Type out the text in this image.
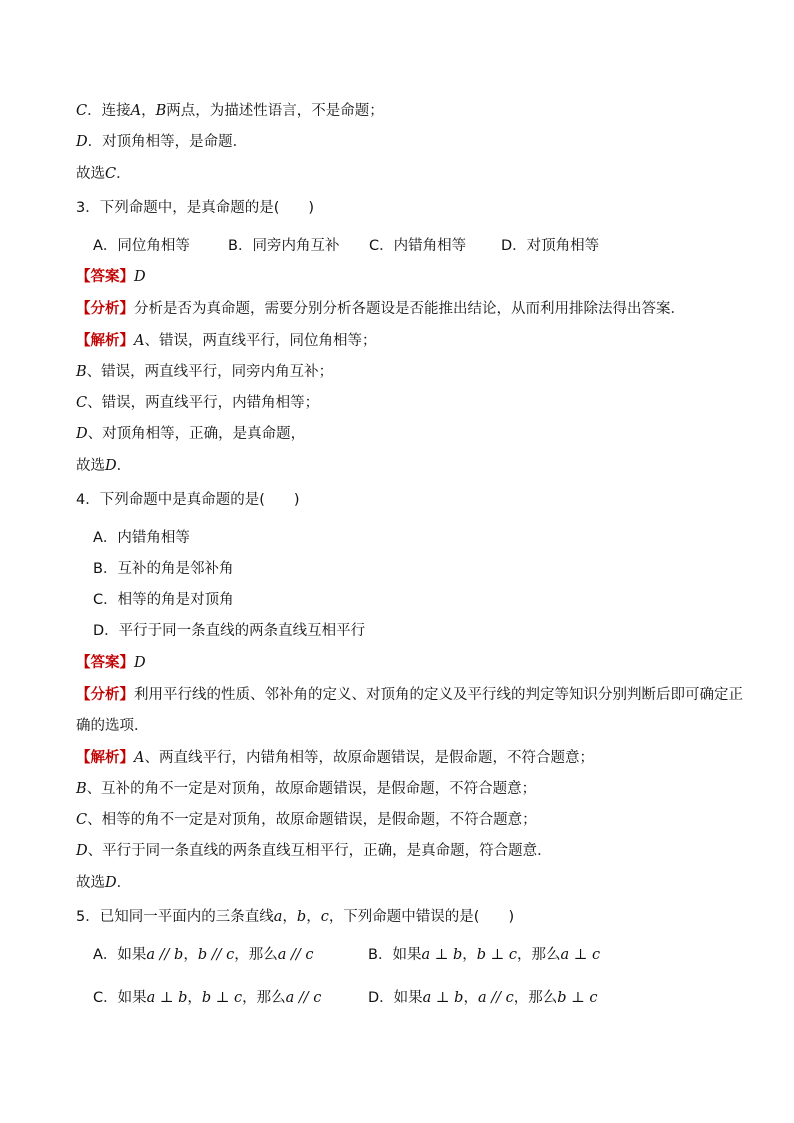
C．连接A，B两点，为描述性语言，不是命题；
D．对顶角相等，是命题．
故选C．
3．下列命题中，是真命题的是(　　)
A．同位角相等	B．同旁内角互补 C．内错角相等 D．对顶角相等
【答案】D
【分析】分析是否为真命题，需要分别分析各题设是否能推出结论，从而利用排除法得出答案．
【解析】A、错误，两直线平行，同位角相等；
B、错误，两直线平行，同旁内角互补；
C、错误，两直线平行，内错角相等；
D、对顶角相等，正确，是真命题，
故选D．
4．下列命题中是真命题的是(　　)
A．内错角相等
B．互补的角是邻补角
C．相等的角是对顶角
D．平行于同一条直线的两条直线互相平行
【答案】D
【分析】利用平行线的性质、邻补角的定义、对顶角的定义及平行线的判定等知识分别判断后即可确定正
确的选项．
【解析】A、两直线平行，内错角相等，故原命题错误，是假命题，不符合题意；
B、互补的角不一定是对顶角，故原命题错误，是假命题，不符合题意；
C、相等的角不一定是对顶角，故原命题错误，是假命题，不符合题意；
D、平行于同一条直线的两条直线互相平行，正确，是真命题，符合题意．
故选D．
5．已知同一平面内的三条直线a，b，c，下列命题中错误的是(　　)
A．如果a // b，b // c，那么a // c	B．如果a ⊥ b，b ⊥ c，那么a ⊥ c
C．如果a ⊥ b，b ⊥ c，那么a // c	D．如果a ⊥ b，a // c，那么b ⊥ c
